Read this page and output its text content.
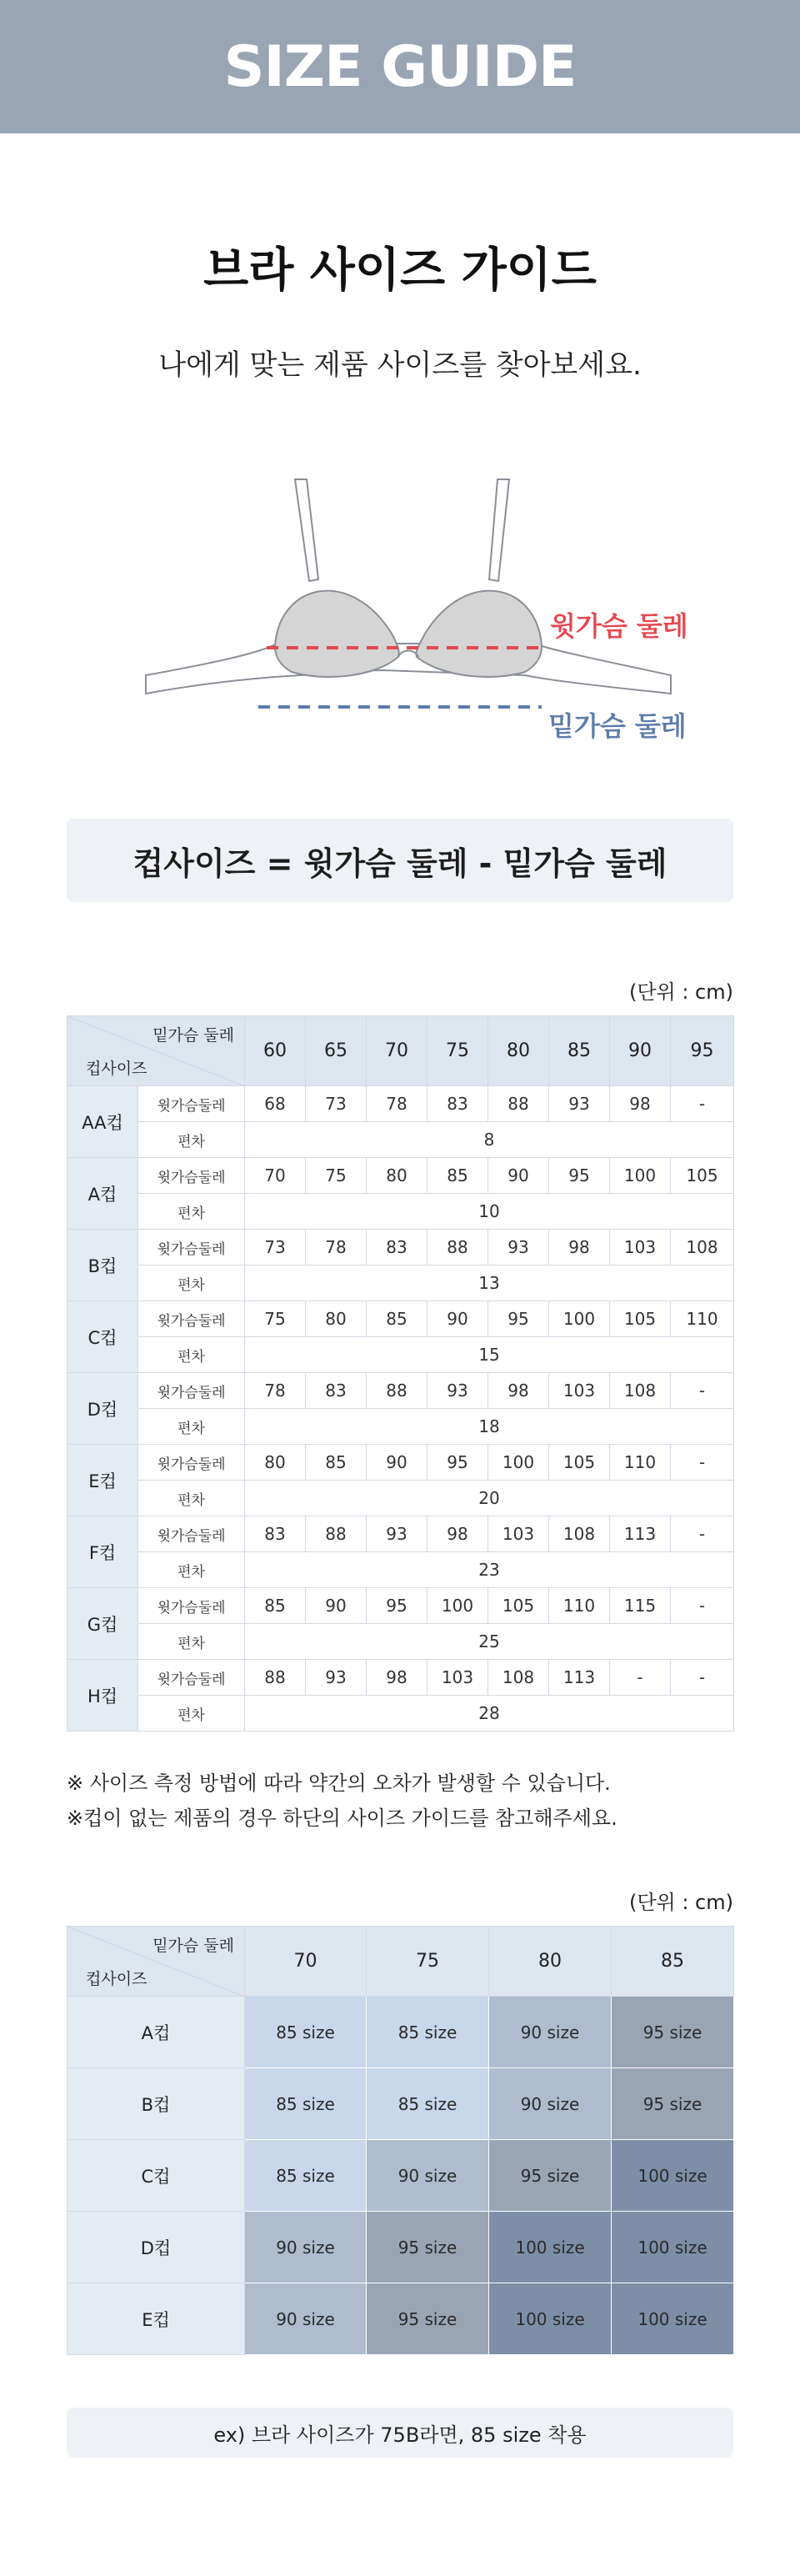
SIZE GUIDE
브라 사이즈 가이드
나에게 맞는 제품 사이즈를 찾아보세요.
윗가슴 둘레
밑가슴 둘레
컵사이즈 = 윗가슴 둘레 - 밑가슴 둘레
(단위 : cm)
밑가슴 둘레
컵사이즈		60	65	70	75	80	85	90	95
AA컵	윗가슴둘레	68	73	78	83	88	93	98	-
	편차	8							
A컵	윗가슴둘레	70	75	80	85	90	95	100	105
	편차	10							
B컵	윗가슴둘레	73	78	83	88	93	98	103	108
	편차	13							
C컵	윗가슴둘레	75	80	85	90	95	100	105	110
	편차	15							
D컵	윗가슴둘레	78	83	88	93	98	103	108	-
	편차	18							
E컵	윗가슴둘레	80	85	90	95	100	105	110	-
	편차	20							
F컵	윗가슴둘레	83	88	93	98	103	108	113	-
	편차	23							
G컵	윗가슴둘레	85	90	95	100	105	110	115	-
	편차	25							
H컵	윗가슴둘레	88	93	98	103	108	113	-	-
	편차	28							
※ 사이즈 측정 방법에 따라 약간의 오차가 발생할 수 있습니다.
※컵이 없는 제품의 경우 하단의 사이즈 가이드를 참고해주세요.
(단위 : cm)
밑가슴 둘레
컵사이즈	70	75	80	85
A컵	85 size	85 size	90 size	95 size
B컵	85 size	85 size	90 size	95 size
C컵	85 size	90 size	95 size	100 size
D컵	90 size	95 size	100 size	100 size
E컵	90 size	95 size	100 size	100 size
ex) 브라 사이즈가 75B라면, 85 size 착용
